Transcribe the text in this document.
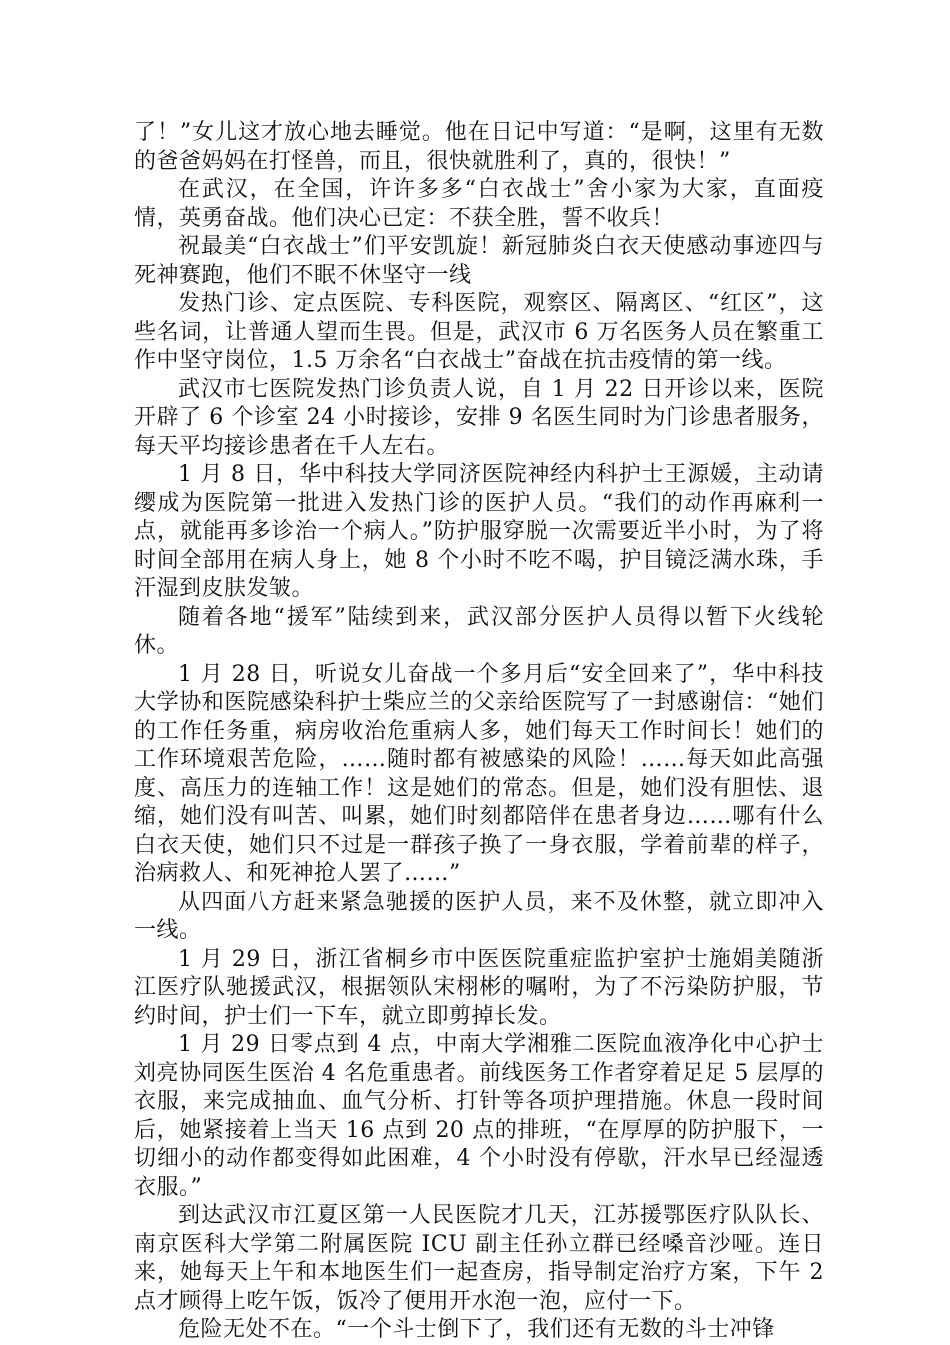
了！”女儿这才放心地去睡觉。他在日记中写道：“是啊，这里有无数的爸爸妈妈在打怪兽，而且，很快就胜利了，真的，很快！”

在武汉，在全国，许许多多“白衣战士”舍小家为大家，直面疫情，英勇奋战。他们决心已定：不获全胜，誓不收兵！

祝最美“白衣战士”们平安凯旋！新冠肺炎白衣天使感动事迹四与死神赛跑，他们不眠不休坚守一线

发热门诊、定点医院、专科医院，观察区、隔离区、“红区”，这些名词，让普通人望而生畏。但是，武汉市 6 万名医务人员在繁重工作中坚守岗位，1.5 万余名“白衣战士”奋战在抗击疫情的第一线。

武汉市七医院发热门诊负责人说，自 1 月 22 日开诊以来，医院开辟了 6 个诊室 24 小时接诊，安排 9 名医生同时为门诊患者服务，每天平均接诊患者在千人左右。

1 月 8 日，华中科技大学同济医院神经内科护士王源媛，主动请缨成为医院第一批进入发热门诊的医护人员。“我们的动作再麻利一点，就能再多诊治一个病人。”防护服穿脱一次需要近半小时，为了将时间全部用在病人身上，她 8 个小时不吃不喝，护目镜泛满水珠，手汗湿到皮肤发皱。

随着各地“援军”陆续到来，武汉部分医护人员得以暂下火线轮休。

1 月 28 日，听说女儿奋战一个多月后“安全回来了”，华中科技大学协和医院感染科护士柴应兰的父亲给医院写了一封感谢信：“她们的工作任务重，病房收治危重病人多，她们每天工作时间长！她们的工作环境艰苦危险，……随时都有被感染的风险！……每天如此高强度、高压力的连轴工作！这是她们的常态。但是，她们没有胆怯、退缩，她们没有叫苦、叫累，她们时刻都陪伴在患者身边……哪有什么白衣天使，她们只不过是一群孩子换了一身衣服，学着前辈的样子，治病救人、和死神抢人罢了……”

从四面八方赶来紧急驰援的医护人员，来不及休整，就立即冲入一线。

1 月 29 日，浙江省桐乡市中医医院重症监护室护士施娟美随浙江医疗队驰援武汉，根据领队宋栩彬的嘱咐，为了不污染防护服，节约时间，护士们一下车，就立即剪掉长发。

1 月 29 日零点到 4 点，中南大学湘雅二医院血液净化中心护士刘亮协同医生医治 4 名危重患者。前线医务工作者穿着足足 5 层厚的衣服，来完成抽血、血气分析、打针等各项护理措施。休息一段时间后，她紧接着上当天 16 点到 20 点的排班，“在厚厚的防护服下，一切细小的动作都变得如此困难，4 个小时没有停歇，汗水早已经湿透衣服。”

到达武汉市江夏区第一人民医院才几天，江苏援鄂医疗队队长、南京医科大学第二附属医院 ICU 副主任孙立群已经嗓音沙哑。连日来，她每天上午和本地医生们一起查房，指导制定治疗方案，下午 2 点才顾得上吃午饭，饭冷了便用开水泡一泡，应付一下。

危险无处不在。“一个斗士倒下了，我们还有无数的斗士冲锋
